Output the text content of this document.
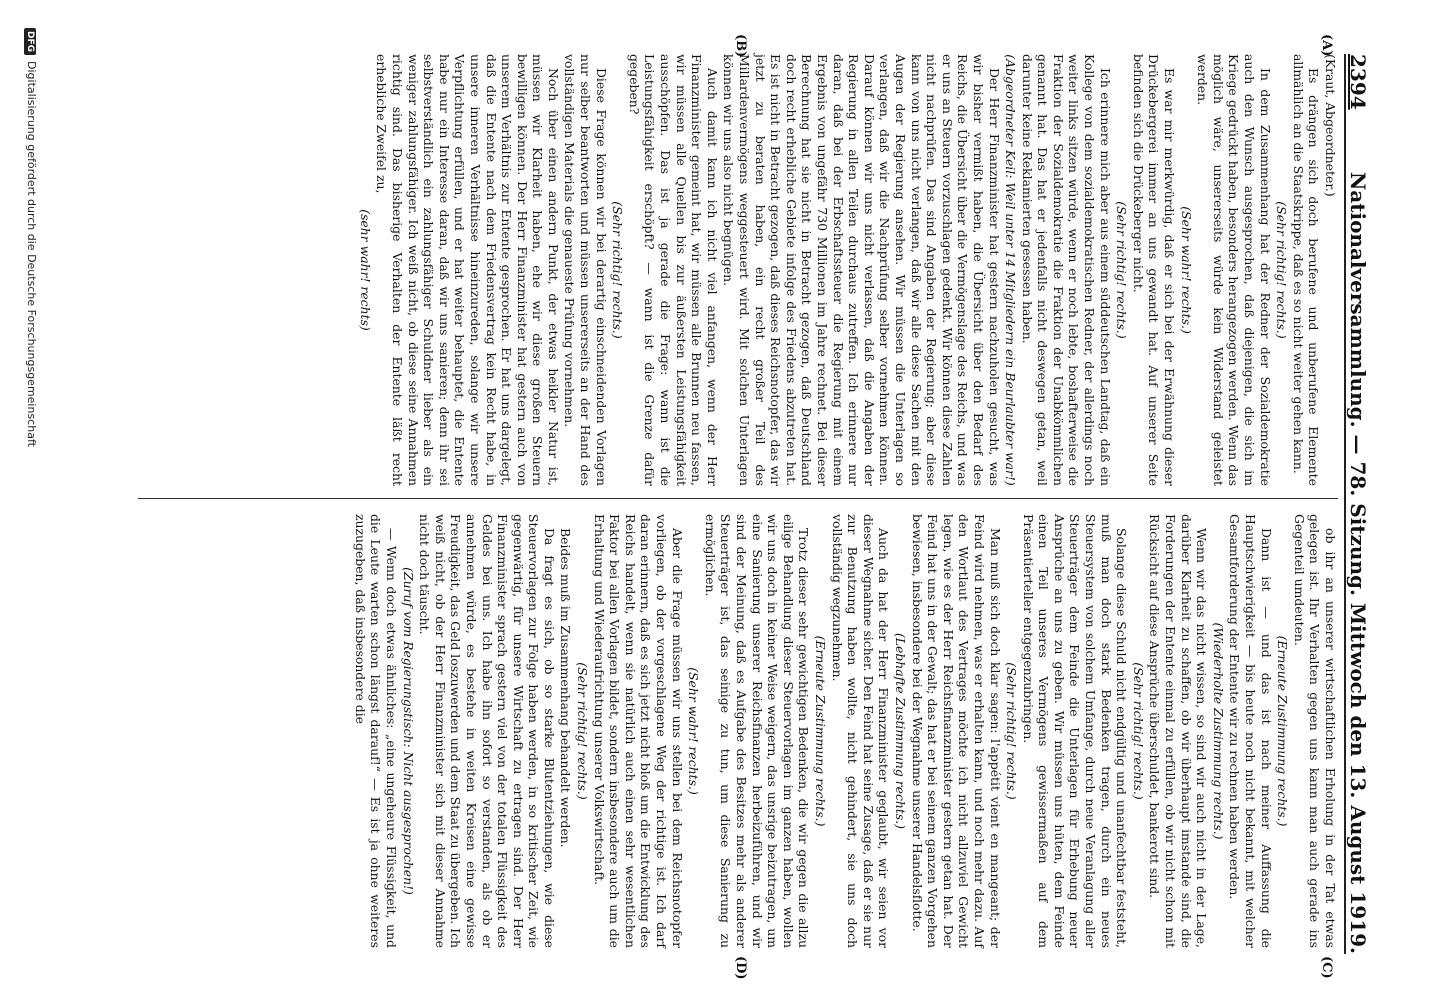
2394
Nationalversammlung. — 78. Sitzung. Mittwoch den 13. August 1919.
(A)
(B)
(C)
(D)

(Kraut, Abgeordneter.)

Es drängen sich doch berufene und unberufene Elemente allmählich an die Staatskrippe, daß es so nicht weiter gehen kann.

(Sehr richtig! rechts.)

In dem Zusammenhang hat der Redner der Sozialdemokratie auch den Wunsch ausgesprochen, daß diejenigen, die sich im Kriege gedrückt haben, besonders herangezogen werden. Wenn das möglich wäre, unsererseits würde kein Widerstand geleistet werden.

(Sehr wahr! rechts.)

Es war mir merkwürdig, daß er sich bei der Erwähnung dieser Drückebergerei immer an uns gewandt hat. Auf unserer Seite befinden sich die Drückeberger nicht.

(Sehr richtig! rechts.)

Ich erinnere mich aber aus einem süddeutschen Landtag, daß ein Kollege von dem sozialdemokratischen Redner, der allerdings noch weiter links sitzen würde, wenn er noch lebte, boshafterweise die Fraktion der Sozialdemokratie die Fraktion der Unabkömmlichen genannt hat. Das hat er jedenfalls nicht deswegen getan, weil darunter keine Reklamierten gesessen haben.

(Abgeordneter Keil: Weil unter 14 Mitgliedern ein Beurlaubter war!)

Der Herr Finanzminister hat gestern nachzuholen gesucht, was wir bisher vermißt haben, die Übersicht über den Bedarf des Reichs, die Übersicht über die Vermögenslage des Reichs, und was er uns an Steuern vorzuschlagen gedenkt. Wir können diese Zahlen nicht nachprüfen. Das sind Angaben der Regierung; aber diese kann von uns nicht verlangen, daß wir alle diese Sachen mit den Augen der Regierung ansehen. Wir müssen die Unterlagen so verlangen, daß wir die Nachprüfung selber vornehmen können. Darauf können wir uns nicht verlassen, daß die Angaben der Regierung in allen Teilen durchaus zutreffen. Ich erinnere nur daran, daß bei der Erbschaftssteuer die Regierung mit einem Ergebnis von ungefähr 730 Millionen im Jahre rechnet. Bei dieser Berechnung hat sie nicht in Betracht gezogen, daß Deutschland doch recht erhebliche Gebiete infolge des Friedens abzutreten hat. Es ist nicht in Betracht gezogen, daß dieses Reichsnotopfer, das wir jetzt zu beraten haben, ein recht großer Teil des Millardenvermögens weggesteuert wird. Mit solchen Unterlagen können wir uns also nicht begnügen.

Auch damit kann ich nicht viel anfangen, wenn der Herr Finanzminister gemeint hat, wir müssen alle Brunnen neu fassen, wir müssen alle Quellen bis zur äußersten Leistungsfähigkeit ausschöpfen. Das ist ja gerade die Frage: wann ist die Leistungsfähigkeit erschöpft? — wann ist die Grenze dafür gegeben?

(Sehr richtig! rechts.)

Diese Frage können wir bei derartig einschneidenden Vorlagen nur selber beantworten und müssen unsererseits an der Hand des vollständigen Materials die genaueste Prüfung vornehmen.

Noch über einen andern Punkt, der etwas heikler Natur ist, müssen wir Klarheit haben, ehe wir diese großen Steuern bewilligen können. Der Herr Finanzminister hat gestern auch von unserem Verhältnis zur Entente gesprochen. Er hat uns dargelegt, daß die Entente nach dem Friedensvertrag kein Recht habe, in unsere inneren Verhältnisse hineinzureden, solange wir unsere Verpflichtung erfüllen, und er hat weiter behauptet, die Entente habe nur ein Interesse daran, daß wir uns sanieren; denn ihr sei selbstverständlich ein zahlungsfähiger Schuldner lieber als ein weniger zahlungsfähiger. Ich weiß nicht, ob diese seine Annahmen richtig sind. Das bisherige Verhalten der Entente läßt recht erhebliche Zweifel zu,

(sehr wahr! rechts)

ob ihr an unserer wirtschaftlichen Erholung in der Tat etwas gelegen ist. Ihr Verhalten gegen uns kann man auch gerade ins Gegenteil umdeuten.

(Erneute Zustimmung rechts.)

Dann ist — und das ist nach meiner Auffassung die Hauptschwierigkeit — bis heute noch nicht bekannt, mit welcher Gesamtforderung der Entente wir zu rechnen haben werden.

(Wiederholte Zustimmung rechts.)

Wenn wir das nicht wissen, so sind wir auch nicht in der Lage, darüber Klarheit zu schaffen, ob wir überhaupt imstande sind, die Forderungen der Entente einmal zu erfüllen, ob wir nicht schon mit Rücksicht auf diese Ansprüche überschuldet, bankerott sind.

(Sehr richtig! rechts.)

Solange diese Schuld nicht endgültig und unanfechtbar feststeht, muß man doch stark Bedenken tragen, durch ein neues Steuersystem von solchem Umfange, durch neue Veranlagung aller Steuerträger dem Feinde die Unterlagen für Erhebung neuer Ansprüche an uns zu geben. Wir müssen uns hüten, dem Feinde einen Teil unseres Vermögens gewissermaßen auf dem Präsentierteller entgegenzubringen.

(Sehr richtig! rechts.)

Man muß sich doch klar sagen: l'appétit vient en mangeant; der Feind wird nehmen, was er erhalten kann, und noch mehr dazu. Auf den Wortlaut des Vertrages möchte ich nicht allzuviel Gewicht legen, wie es der Herr Reichsfinanzminister gestern getan hat. Der Feind hat uns in der Gewalt; das hat er bei seinem ganzen Vorgehen bewiesen, insbesondere bei der Wegnahme unserer Handelsflotte.

(Lebhafte Zustimmung rechts.)

Auch da hat der Herr Finanzminister geglaubt, wir seien vor dieser Wegnahme sicher. Den Feind hat seine Zusage, daß er sie nur zur Benutzung haben wollte, nicht gehindert, sie uns doch vollständig wegzunehmen.

(Erneute Zustimmung rechts.)

Trotz dieser sehr gewichtigen Bedenken, die wir gegen die allzu eilige Behandlung dieser Steuervorlagen im ganzen haben, wollen wir uns doch in keiner Weise weigern, das unsrige beizutragen, um eine Sanierung unserer Reichsfinanzen herbeizuführen, und wir sind der Meinung, daß es Aufgabe des Besitzes mehr als anderer Steuerträger ist, das seinige zu tun, um diese Sanierung zu ermöglichen.

(Sehr wahr! rechts.)

Aber die Frage müssen wir uns stellen bei dem Reichsnotopfer vorliegen, ob der vorgeschlagene Weg der richtige ist. Ich darf daran erinnern, daß es sich jetzt nicht bloß um die Entwicklung des Reichs handelt, wenn sie natürlich auch einen sehr wesentlichen Faktor bei allen Vorlagen bildet, sondern insbesondere auch um die Erhaltung und Wiederaufrichtung unserer Volkswirtschaft.

(Sehr richtig! rechts.)

Beides muß im Zusammenhang behandelt werden.

Da fragt es sich, ob so starke Blutentziehungen, wie diese Steuervorlagen zur Folge haben werden, in so kritischer Zeit, wie gegenwärtig, für unsere Wirtschaft zu ertragen sind. Der Herr Finanzminister sprach gestern viel von der totalen Flüssigkeit des Geldes bei uns. Ich habe ihn sofort so verstanden, als ob er annehmen würde, es bestehe in weiten Kreisen eine gewisse Freudigkeit, das Geld loszuwerden und dem Staat zu übergeben. Ich weiß nicht, ob der Herr Finanzminister sich mit dieser Annahme nicht doch täuscht.

(Zuruf vom Regierungstisch: Nicht ausgesprochen!)

— Wenn doch etwas ähnliches: „eine ungeheure Flüssigkeit, und die Leute warten schon längst darauf!“ — Es ist ja ohne weiteres zuzugeben, daß insbesondere die

DFGDigitalisierung gefördert durch die Deutsche Forschungsgemeinschaft
